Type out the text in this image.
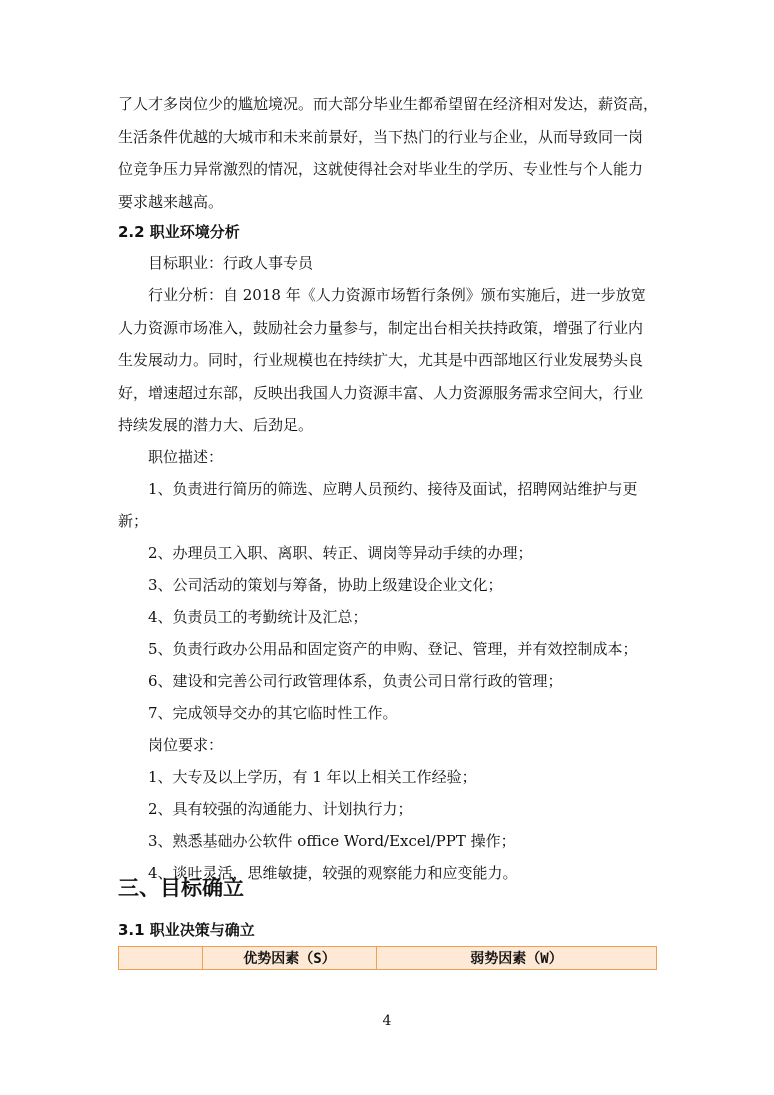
了人才多岗位少的尴尬境况。而大部分毕业生都希望留在经济相对发达，薪资高，

生活条件优越的大城市和未来前景好，当下热门的行业与企业，从而导致同一岗

位竞争压力异常激烈的情况，这就使得社会对毕业生的学历、专业性与个人能力

要求越来越高。

2.2 职业环境分析

目标职业：行政人事专员

行业分析：自 2018 年《人力资源市场暂行条例》颁布实施后，进一步放宽

人力资源市场准入，鼓励社会力量参与，制定出台相关扶持政策，增强了行业内

生发展动力。同时，行业规模也在持续扩大，尤其是中西部地区行业发展势头良

好，增速超过东部，反映出我国人力资源丰富、人力资源服务需求空间大，行业

持续发展的潜力大、后劲足。

职位描述：

1、负责进行简历的筛选、应聘人员预约、接待及面试，招聘网站维护与更

新；

2、办理员工入职、离职、转正、调岗等异动手续的办理；

3、公司活动的策划与筹备，协助上级建设企业文化；

4、负责员工的考勤统计及汇总；

5、负责行政办公用品和固定资产的申购、登记、管理，并有效控制成本；

6、建设和完善公司行政管理体系，负责公司日常行政的管理；

7、完成领导交办的其它临时性工作。

岗位要求：

1、大专及以上学历，有 1 年以上相关工作经验；

2、具有较强的沟通能力、计划执行力；

3、熟悉基础办公软件 office Word/Excel/PPT 操作；

4、谈吐灵活，思维敏捷，较强的观察能力和应变能力。

三、目标确立

3.1 职业决策与确立

	优势因素（S）	弱势因素（W）
4
